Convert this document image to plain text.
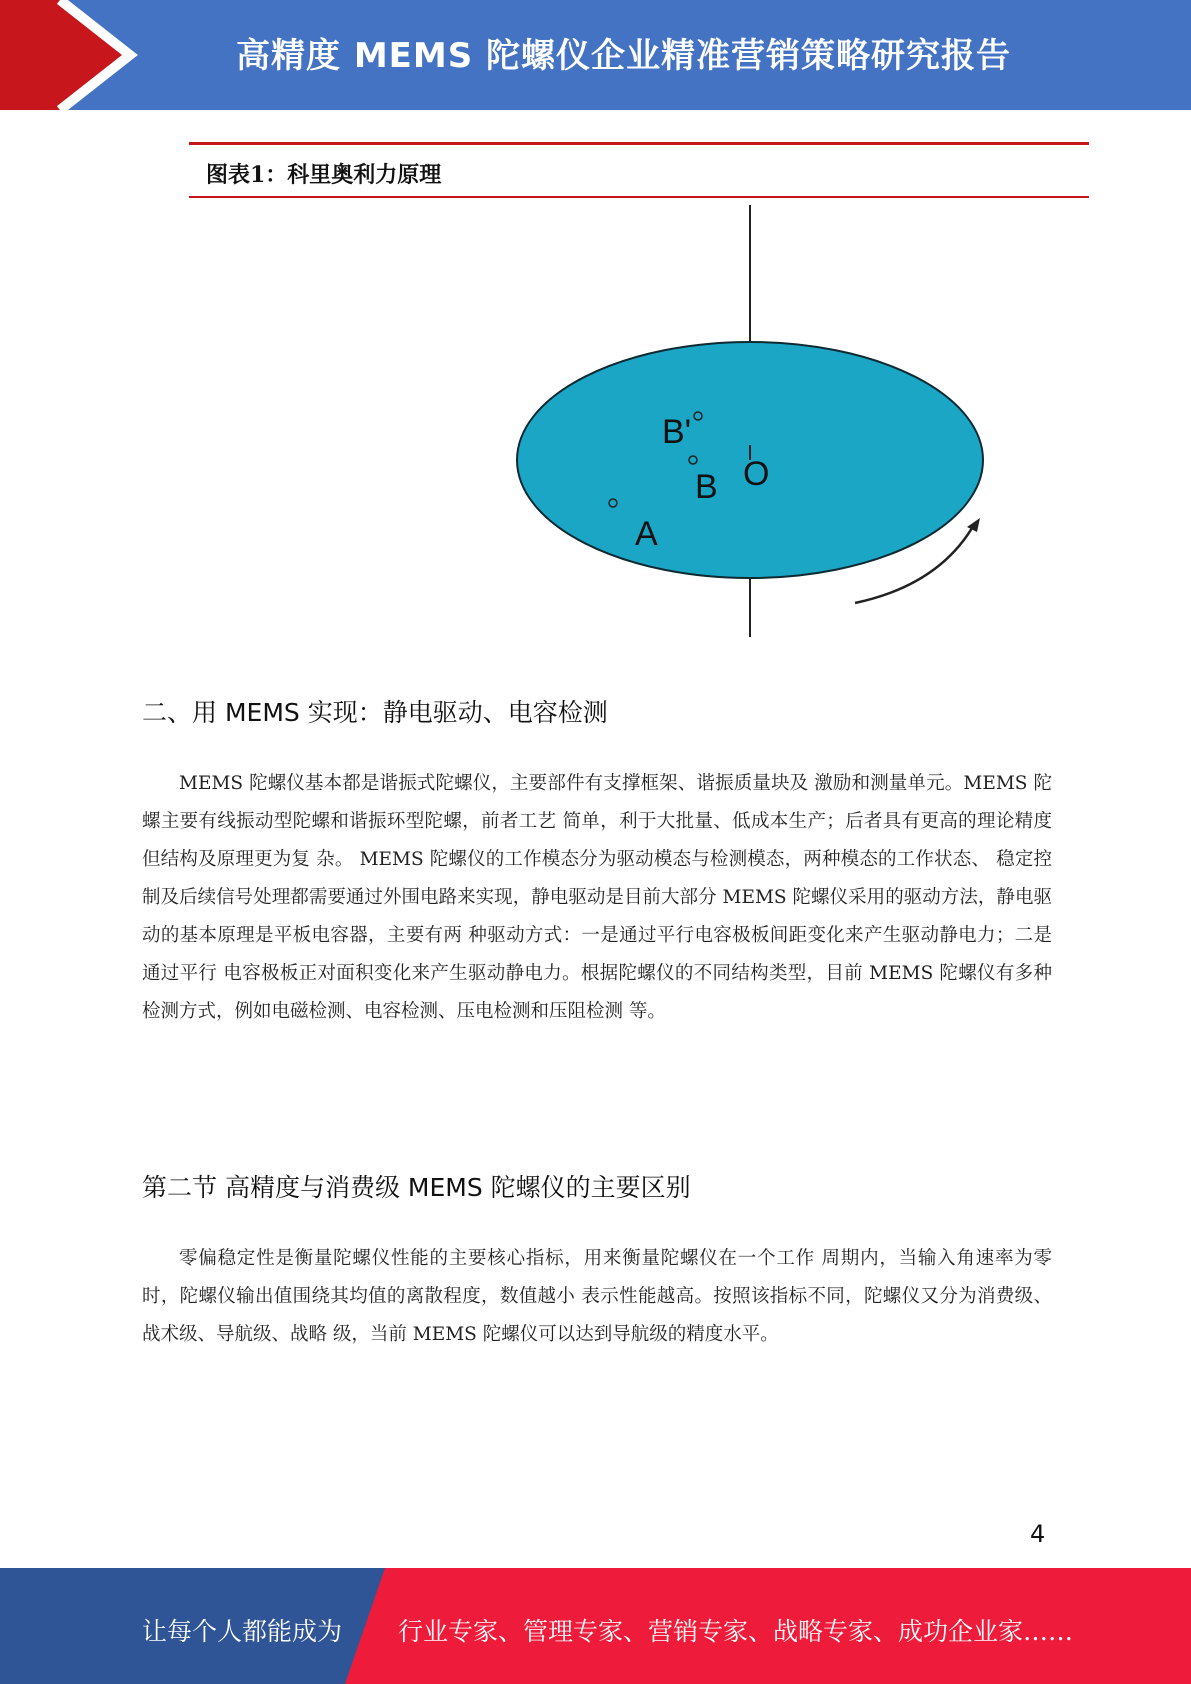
高精度 MEMS 陀螺仪企业精准营销策略研究报告
图表1：科里奥利力原理
B'
B O
A
二、用 MEMS 实现：静电驱动、电容检测
MEMS 陀螺仪基本都是谐振式陀螺仪，主要部件有支撑框架、谐振质量块及 激励和测量单元。MEMS 陀螺主要有线振动型陀螺和谐振环型陀螺，前者工艺 简单，利于大批量、低成本生产；后者具有更高的理论精度但结构及原理更为复 杂。 MEMS 陀螺仪的工作模态分为驱动模态与检测模态，两种模态的工作状态、 稳定控制及后续信号处理都需要通过外围电路来实现，静电驱动是目前大部分 MEMS 陀螺仪采用的驱动方法，静电驱动的基本原理是平板电容器，主要有两 种驱动方式：一是通过平行电容极板间距变化来产生驱动静电力；二是通过平行 电容极板正对面积变化来产生驱动静电力。根据陀螺仪的不同结构类型，目前 MEMS 陀螺仪有多种检测方式，例如电磁检测、电容检测、压电检测和压阻检测 等。
第二节 高精度与消费级 MEMS 陀螺仪的主要区别
零偏稳定性是衡量陀螺仪性能的主要核心指标，用来衡量陀螺仪在一个工作 周期内，当输入角速率为零时，陀螺仪输出值围绕其均值的离散程度，数值越小 表示性能越高。按照该指标不同，陀螺仪又分为消费级、战术级、导航级、战略 级，当前 MEMS 陀螺仪可以达到导航级的精度水平。
4
让每个人都能成为 行业专家、管理专家、营销专家、战略专家、成功企业家……
